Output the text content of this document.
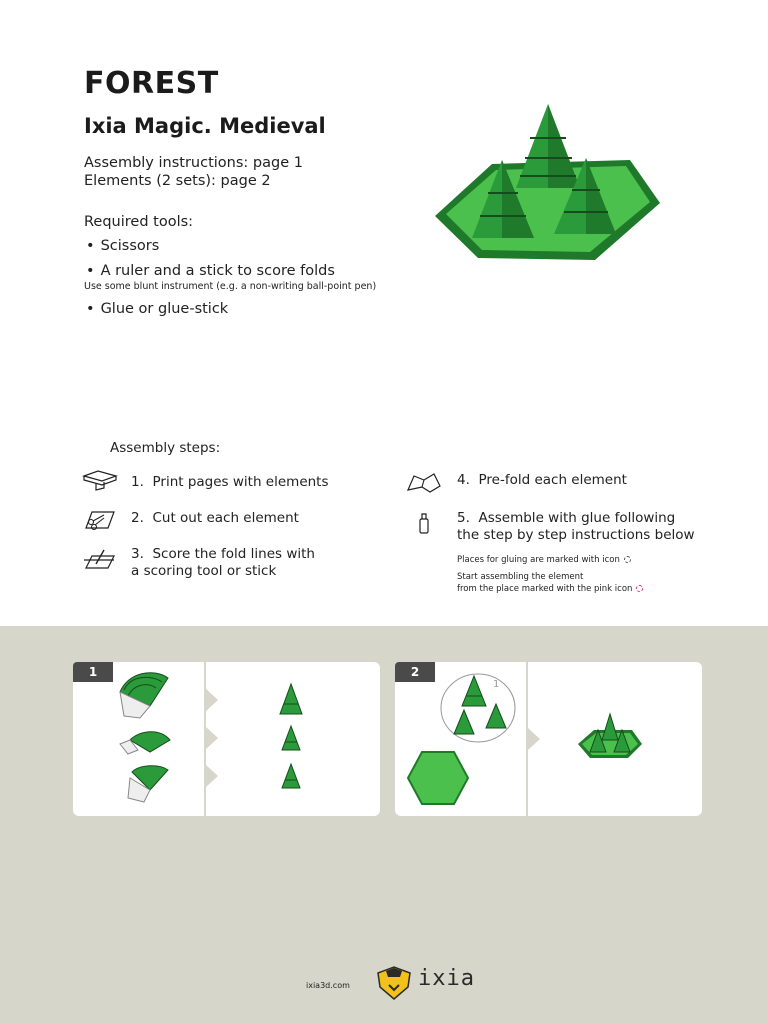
FOREST
Ixia Magic. Medieval
Assembly instructions: page 1
Elements (2 sets): page 2
Required tools:
• Scissors
• A ruler and a stick to score folds
Use some blunt instrument (e.g. a non-writing ball-point pen)
• Glue or glue-stick
Assembly steps:
1. Print pages with elements
2. Cut out each element
3. Score the fold lines with
a scoring tool or stick
4. Pre-fold each element
5. Assemble with glue following
the step by step instructions below
Places for gluing are marked with icon
Start assembling the element
from the place marked with the pink icon
1	2
1
ixia3d.com	ixia
